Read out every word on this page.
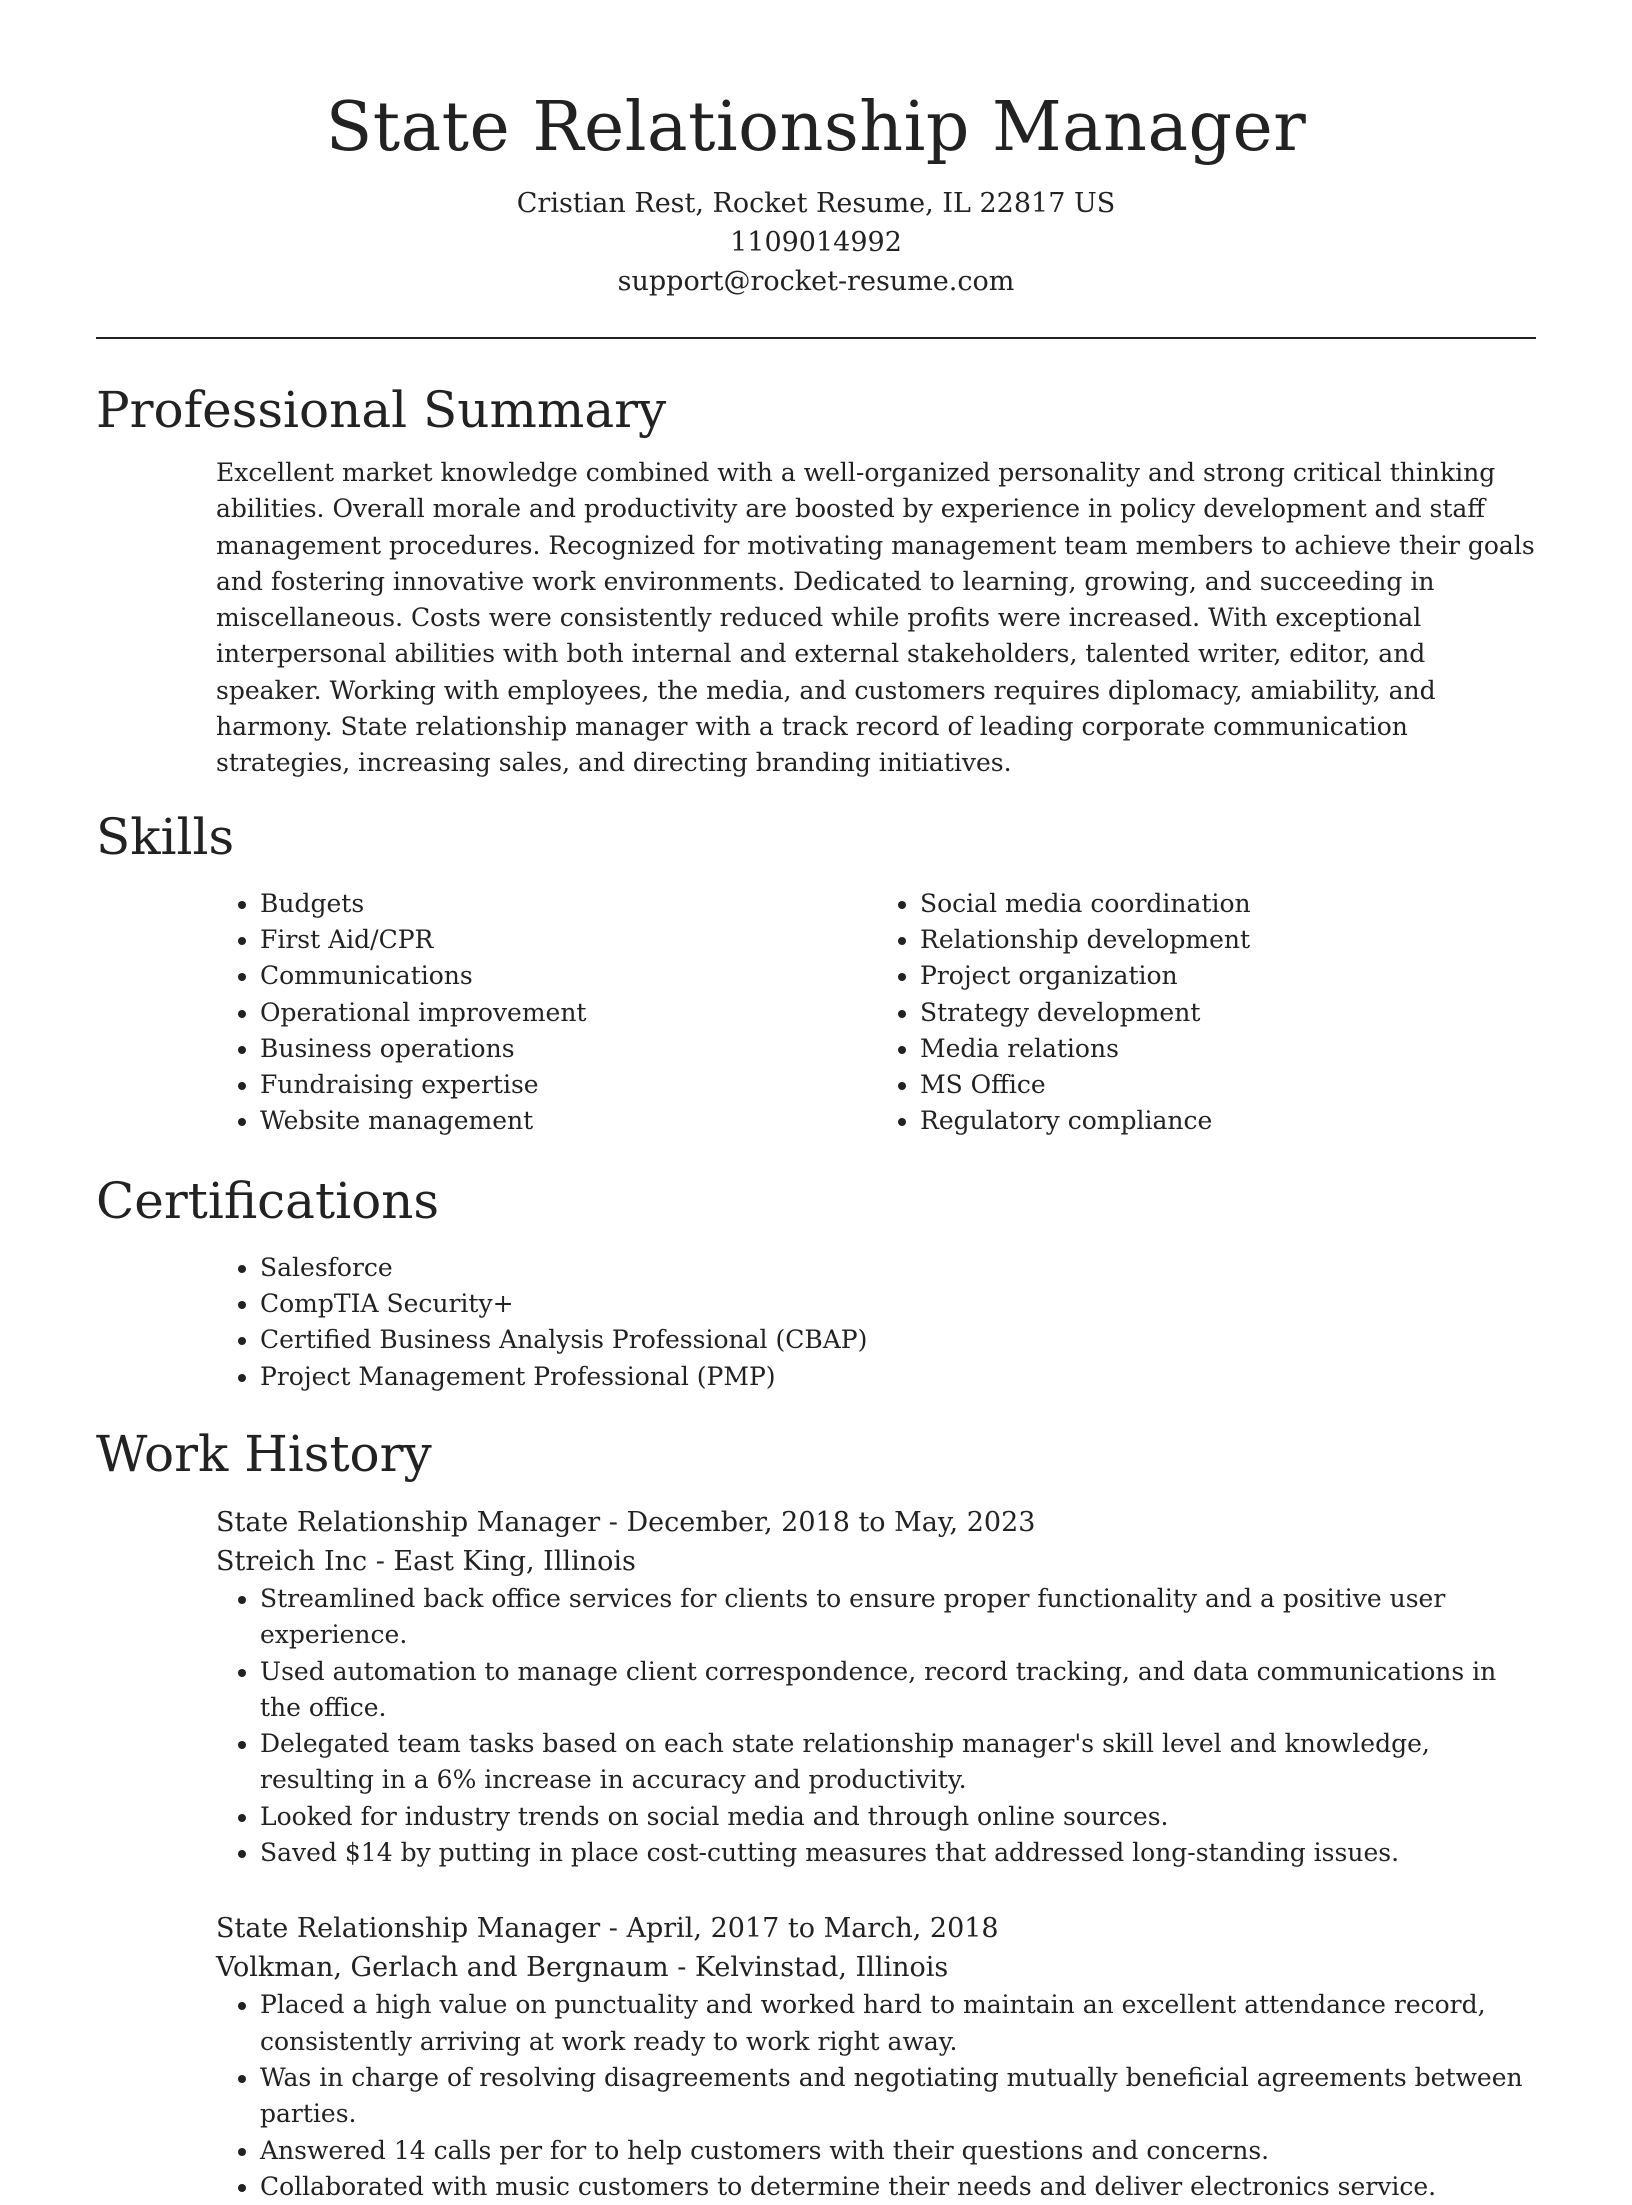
State Relationship Manager
Cristian Rest, Rocket Resume, IL 22817 US
1109014992
support@rocket-resume.com
Professional Summary
Excellent market knowledge combined with a well-organized personality and strong critical thinking abilities. Overall morale and productivity are boosted by experience in policy development and staff management procedures. Recognized for motivating management team members to achieve their goals and fostering innovative work environments. Dedicated to learning, growing, and succeeding in miscellaneous. Costs were consistently reduced while profits were increased. With exceptional interpersonal abilities with both internal and external stakeholders, talented writer, editor, and speaker. Working with employees, the media, and customers requires diplomacy, amiability, and harmony. State relationship manager with a track record of leading corporate communication strategies, increasing sales, and directing branding initiatives.
Skills
• Budgets
• First Aid/CPR
• Communications
• Operational improvement
• Business operations
• Fundraising expertise
• Website management
• Social media coordination
• Relationship development
• Project organization
• Strategy development
• Media relations
• MS Office
• Regulatory compliance
Certifications
• Salesforce
• CompTIA Security+
• Certified Business Analysis Professional (CBAP)
• Project Management Professional (PMP)
Work History
State Relationship Manager - December, 2018 to May, 2023
Streich Inc - East King, Illinois
• Streamlined back office services for clients to ensure proper functionality and a positive user experience.
• Used automation to manage client correspondence, record tracking, and data communications in the office.
• Delegated team tasks based on each state relationship manager's skill level and knowledge, resulting in a 6% increase in accuracy and productivity.
• Looked for industry trends on social media and through online sources.
• Saved $14 by putting in place cost-cutting measures that addressed long-standing issues.
State Relationship Manager - April, 2017 to March, 2018
Volkman, Gerlach and Bergnaum - Kelvinstad, Illinois
• Placed a high value on punctuality and worked hard to maintain an excellent attendance record, consistently arriving at work ready to work right away.
• Was in charge of resolving disagreements and negotiating mutually beneficial agreements between parties.
• Answered 14 calls per for to help customers with their questions and concerns.
• Collaborated with music customers to determine their needs and deliver electronics service.
